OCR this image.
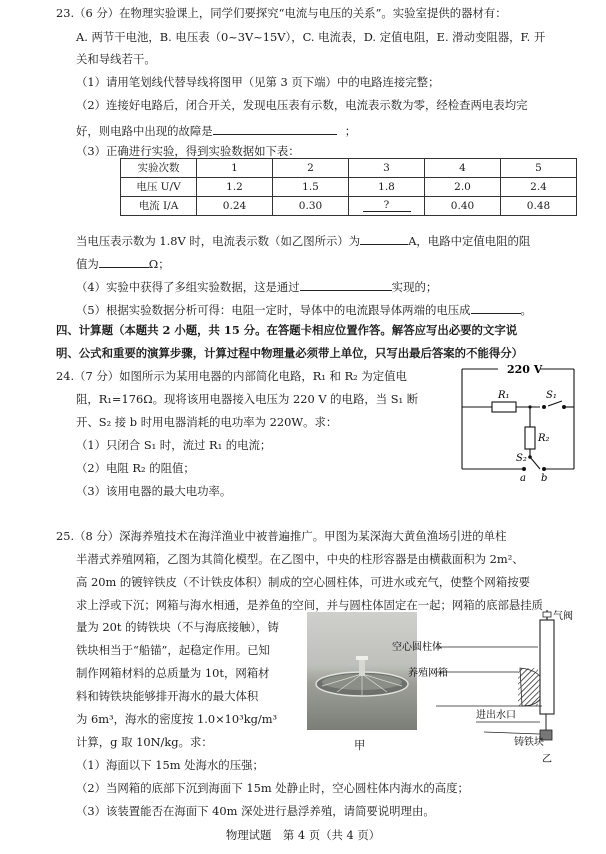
23.（6 分）在物理实验课上，同学们要探究“电流与电压的关系”。实验室提供的器材有：
A. 两节干电池，B. 电压表（0~3V~15V），C. 电流表，D. 定值电阻，E. 滑动变阻器，F. 开
关和导线若干。
（1）请用笔划线代替导线将图甲（见第 3 页下端）中的电路连接完整；
（2）连接好电路后，闭合开关，发现电压表有示数，电流表示数为零，经检查两电表均完
好，则电路中出现的故障是	；
（3）正确进行实验，得到实验数据如下表：
实验次数	1	2	3	4	5
电压 U/V	1.2	1.5	1.8	2.0	2.4
电流 I/A	0.24	0.30	?	0.40	0.48
当电压表示数为 1.8V 时，电流表示数（如乙图所示）为	A，电路中定值电阻的阻
值为	Ω；
（4）实验中获得了多组实验数据，这是通过	实现的；
（5）根据实验数据分析可得：电阻一定时，导体中的电流跟导体两端的电压成	。
四、计算题（本题共 2 小题，共 15 分。在答题卡相应位置作答。解答应写出必要的文字说
明、公式和重要的演算步骤，计算过程中物理量必须带上单位，只写出最后答案的不能得分）
24.（7 分）如图所示为某用电器的内部简化电路，R₁ 和 R₂ 为定值电
阻，R₁=176Ω。现将该用电器接入电压为 220 V 的电路，当 S₁ 断
开、S₂ 接 b 时用电器消耗的电功率为 220W。求：
（1）只闭合 S₁ 时，流过 R₁ 的电流；
（2）电阻 R₂ 的阻值；
（3）该用电器的最大电功率。
220 V
R₁	S₁
R₂
S₂
a b
25.（8 分）深海养殖技术在海洋渔业中被普遍推广。甲图为某深海大黄鱼渔场引进的单柱
半潜式养殖网箱，乙图为其简化模型。在乙图中，中央的柱形容器是由横截面积为 2m²、
高 20m 的镀锌铁皮（不计铁皮体积）制成的空心圆柱体，可进水或充气，使整个网箱按要
求上浮或下沉；网箱与海水相通，是养鱼的空间，并与圆柱体固定在一起；网箱的底部悬挂质
量为 20t 的铸铁块（不与海底接触），铸
铁块相当于“船锚”，起稳定作用。已知
制作网箱材料的总质量为 10t，网箱材
料和铸铁块能够排开海水的最大体积
为 6m³，海水的密度按 1.0×10³kg/m³
计算，g 取 10N/kg。求：
（1）海面以下 15m 处海水的压强；
（2）当网箱的底部下沉到海面下 15m 处静止时，空心圆柱体内海水的高度；
（3）该装置能否在海面下 40m 深处进行悬浮养殖，请简要说明理由。
甲
气阀
空心圆柱体
养殖网箱
进出水口
铸铁块
乙
物理试题　第 4 页（共 4 页）
